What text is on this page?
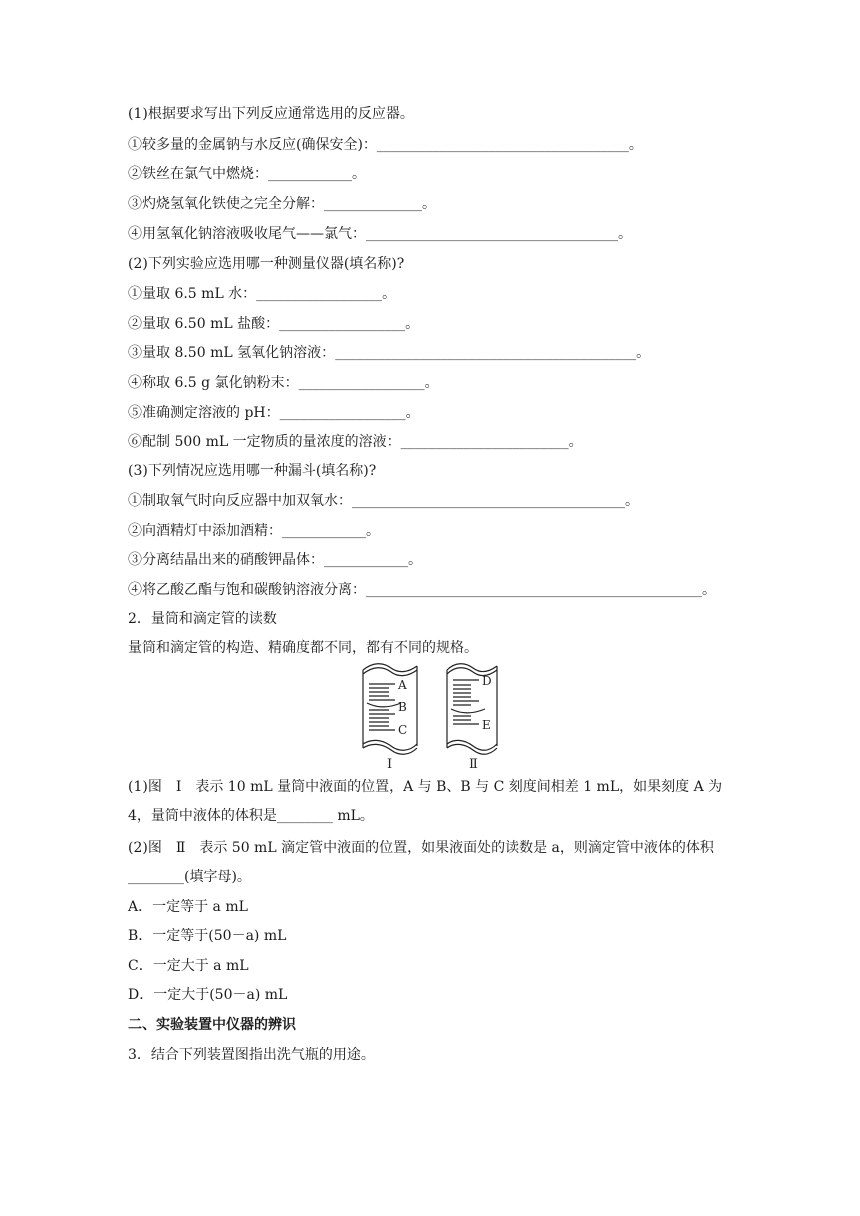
(1)根据要求写出下列反应通常选用的反应器。
①较多量的金属钠与水反应(确保安全)：____________________________________。
②铁丝在氯气中燃烧：____________。
③灼烧氢氧化铁使之完全分解：______________。
④用氢氧化钠溶液吸收尾气——氯气：____________________________________。
(2)下列实验应选用哪一种测量仪器(填名称)?
①量取 6.5 mL 水：__________________。
②量取 6.50 mL 盐酸：__________________。
③量取 8.50 mL 氢氧化钠溶液：___________________________________________。
④称取 6.5 g 氯化钠粉末：__________________。
⑤准确测定溶液的 pH：__________________。
⑥配制 500 mL 一定物质的量浓度的溶液：________________________。
(3)下列情况应选用哪一种漏斗(填名称)?
①制取氧气时向反应器中加双氧水：_______________________________________。
②向酒精灯中添加酒精：____________。
③分离结晶出来的硝酸钾晶体：____________。
④将乙酸乙酯与饱和碳酸钠溶液分离：________________________________________________。
2．量筒和滴定管的读数
量筒和滴定管的构造、精确度都不同，都有不同的规格。
A
B
C
D
E
Ⅰ	Ⅱ
(1)图　Ⅰ　表示 10 mL 量筒中液面的位置，A 与 B、B 与 C 刻度间相差 1 mL，如果刻度 A 为
4，量筒中液体的体积是________ mL。
(2)图　Ⅱ　表示 50 mL 滴定管中液面的位置，如果液面处的读数是 a，则滴定管中液体的体积
________(填字母)。
A．一定等于 a mL
B．一定等于(50－a) mL
C．一定大于 a mL
D．一定大于(50－a) mL
二、实验装置中仪器的辨识
3．结合下列装置图指出洗气瓶的用途。
